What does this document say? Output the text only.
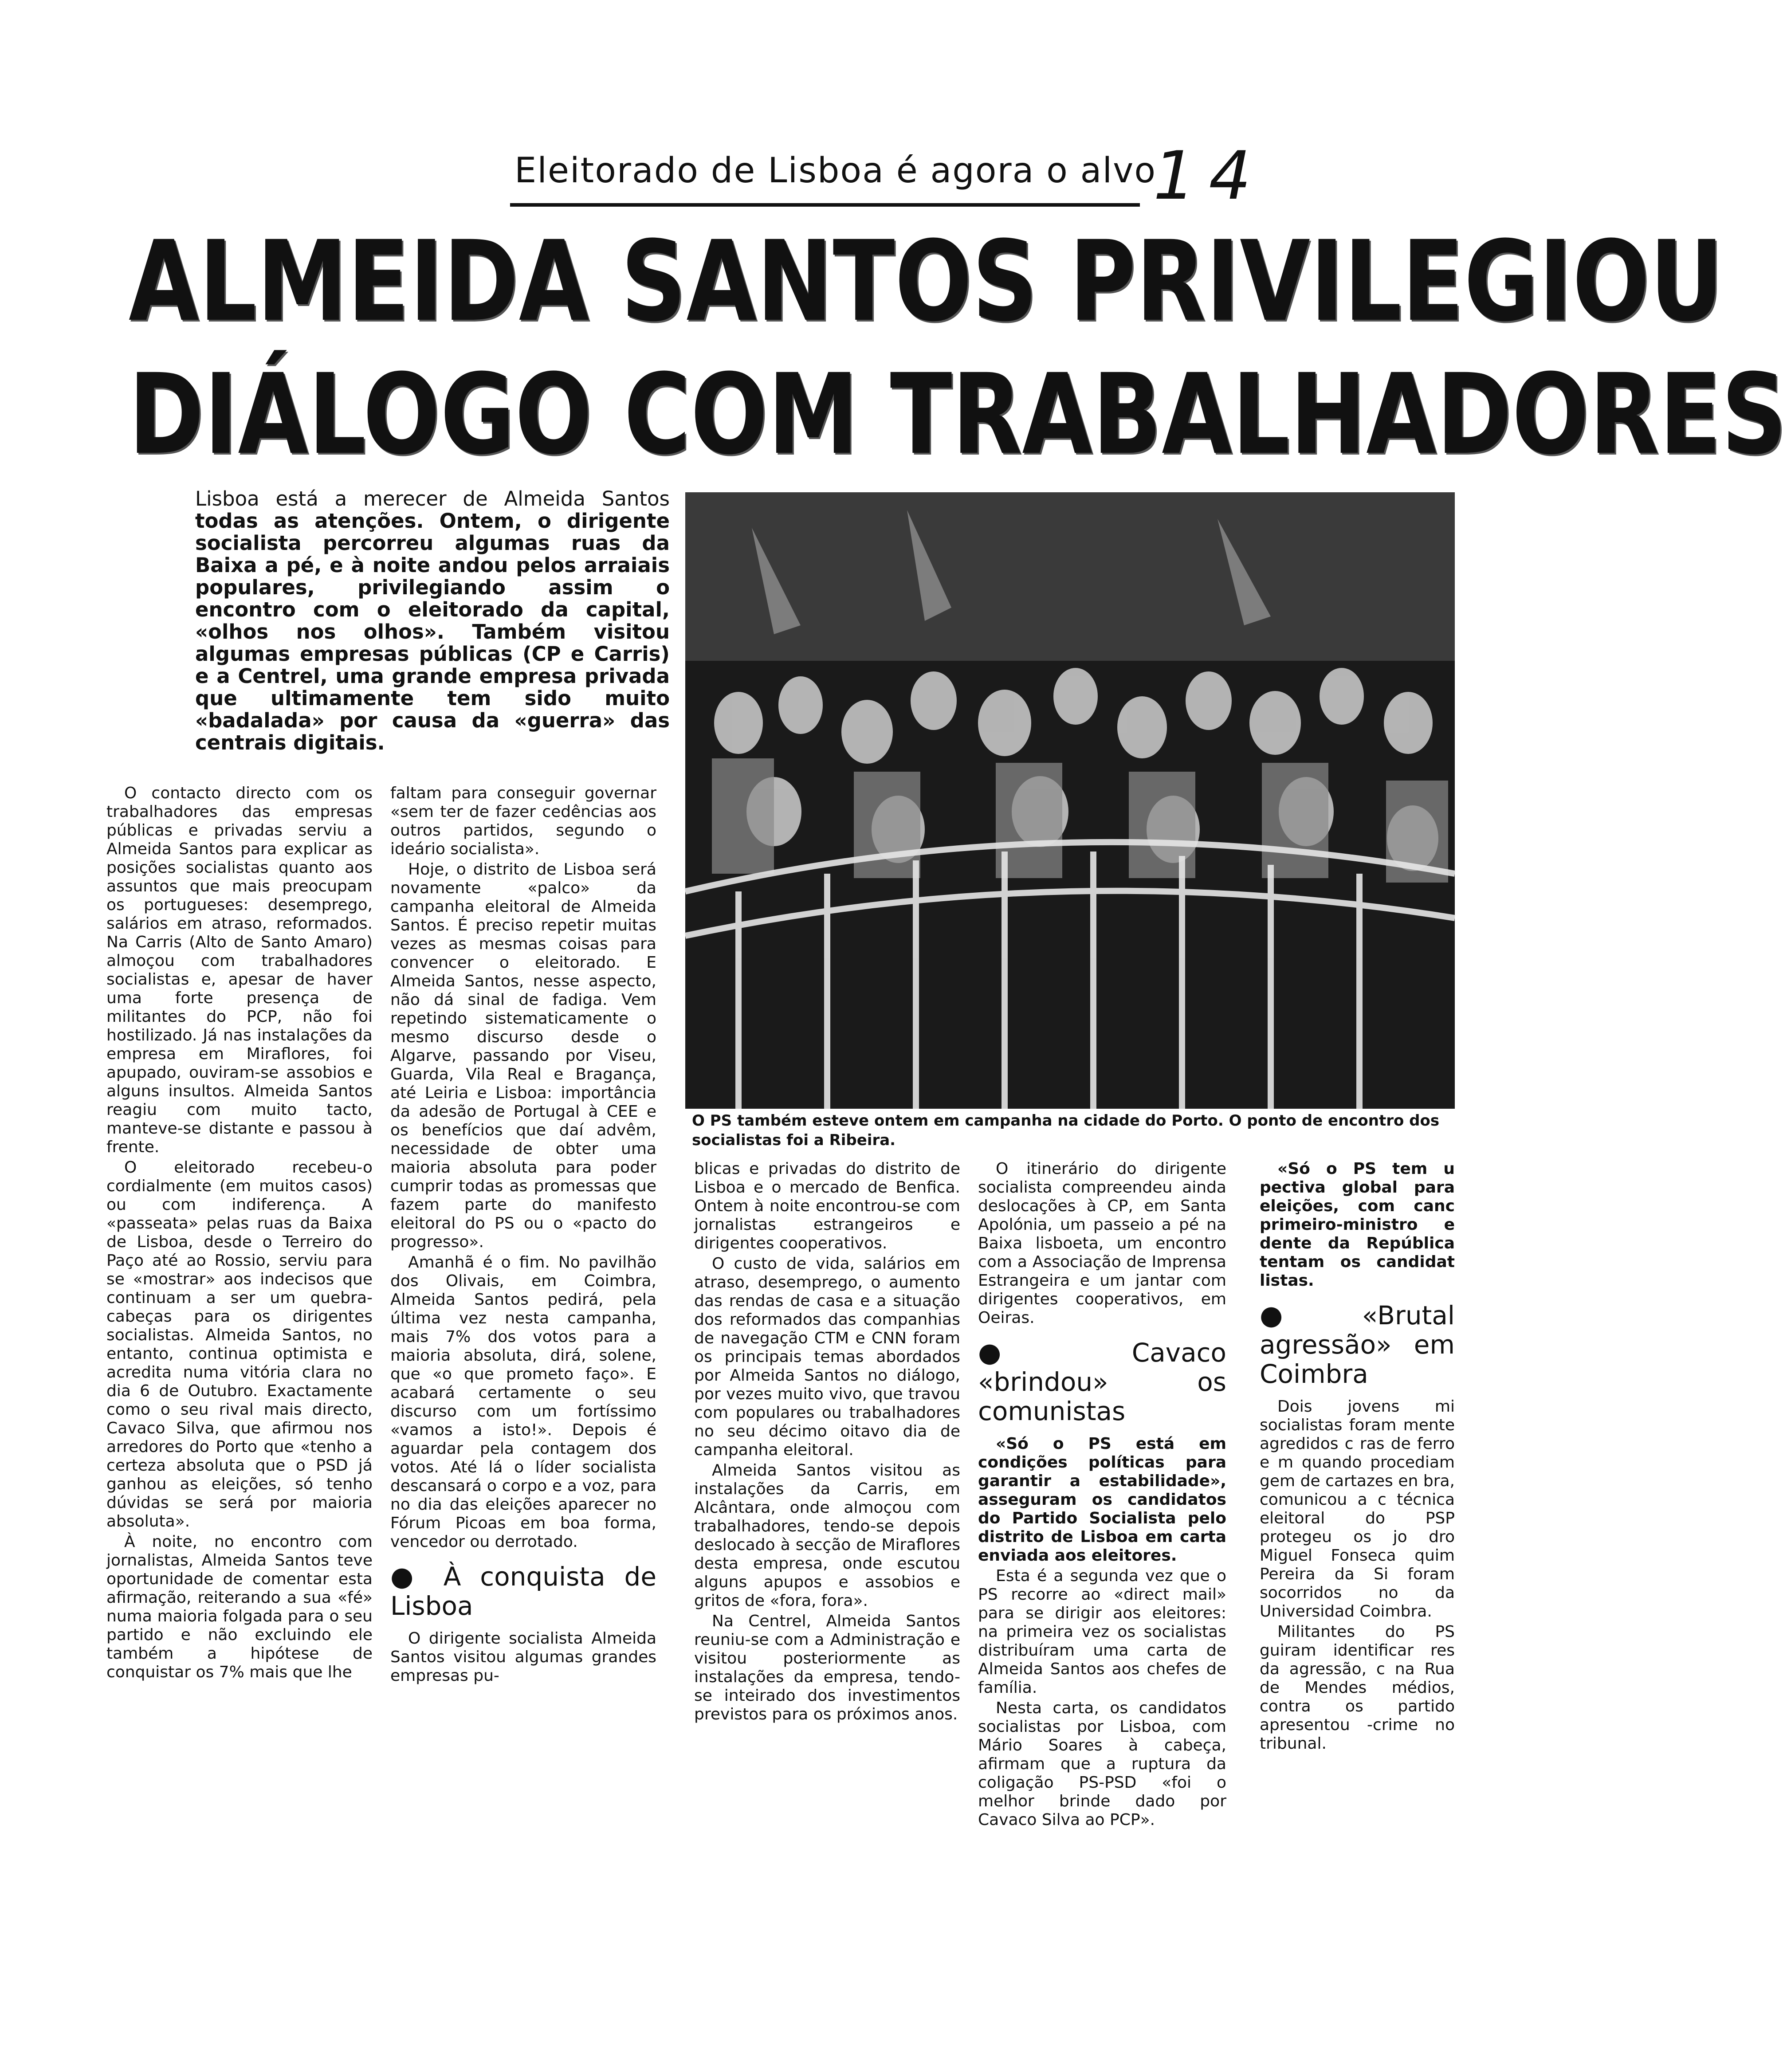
Eleitorado de Lisboa é agora o alvo
14
ALMEIDA SANTOS PRIVILEGIOU
DIÁLOGO COM TRABALHADORES
Lisboa está a merecer de Almeida Santos todas as atenções. Ontem, o dirigente socialista percorreu algumas ruas da Baixa a pé, e à noite andou pelos arraiais populares, privilegiando assim o encontro com o eleitorado da capital, «olhos nos olhos». Também visitou algumas empresas públicas (CP e Carris) e a Centrel, uma grande empresa privada que ultimamente tem sido muito «badalada» por causa da «guerra» das centrais digitais.
O PS também esteve ontem em campanha na cidade do Porto. O ponto de encontro dos socialistas foi a Ribeira.

O contacto directo com os trabalhadores das empresas públicas e privadas serviu a Almeida Santos para explicar as posições socialistas quanto aos assuntos que mais preocupam os portugueses: desemprego, salários em atraso, reformados. Na Carris (Alto de Santo Amaro) almoçou com trabalhadores socialistas e, apesar de haver uma forte presença de militantes do PCP, não foi hostilizado. Já nas instalações da empresa em Miraflores, foi apupado, ouviram-se assobios e alguns insultos. Almeida Santos reagiu com muito tacto, manteve-se distante e passou à frente.

O eleitorado recebeu-o cordialmente (em muitos casos) ou com indiferença. A «passeata» pelas ruas da Baixa de Lisboa, desde o Terreiro do Paço até ao Rossio, serviu para se «mostrar» aos indecisos que continuam a ser um quebra-cabeças para os dirigentes socialistas. Almeida Santos, no entanto, continua optimista e acredita numa vitória clara no dia 6 de Outubro. Exactamente como o seu rival mais directo, Cavaco Silva, que afirmou nos arredores do Porto que «tenho a certeza absoluta que o PSD já ganhou as eleições, só tenho dúvidas se será por maioria absoluta».

À noite, no encontro com jornalistas, Almeida Santos teve oportunidade de comentar esta afirmação, reiterando a sua «fé» numa maioria folgada para o seu partido e não excluindo ele também a hipótese de conquistar os 7% mais que lhe

faltam para conseguir governar «sem ter de fazer cedências aos outros partidos, segundo o ideário socialista».

Hoje, o distrito de Lisboa será novamente «palco» da campanha eleitoral de Almeida Santos. É preciso repetir muitas vezes as mesmas coisas para convencer o eleitorado. E Almeida Santos, nesse aspecto, não dá sinal de fadiga. Vem repetindo sistematicamente o mesmo discurso desde o Algarve, passando por Viseu, Guarda, Vila Real e Bragança, até Leiria e Lisboa: importância da adesão de Portugal à CEE e os benefícios que daí advêm, necessidade de obter uma maioria absoluta para poder cumprir todas as promessas que fazem parte do manifesto eleitoral do PS ou o «pacto do progresso».

Amanhã é o fim. No pavilhão dos Olivais, em Coimbra, Almeida Santos pedirá, pela última vez nesta campanha, mais 7% dos votos para a maioria absoluta, dirá, solene, que «o que prometo faço». E acabará certamente o seu discurso com um fortíssimo «vamos a isto!». Depois é aguardar pela contagem dos votos. Até lá o líder socialista descansará o corpo e a voz, para no dia das eleições aparecer no Fórum Picoas em boa forma, vencedor ou derrotado.

● À conquista de Lisboa

O dirigente socialista Almeida Santos visitou algumas grandes empresas pu-

blicas e privadas do distrito de Lisboa e o mercado de Benfica. Ontem à noite encontrou-se com jornalistas estrangeiros e dirigentes cooperativos.

O custo de vida, salários em atraso, desemprego, o aumento das rendas de casa e a situação dos reformados das companhias de navegação CTM e CNN foram os principais temas abordados por Almeida Santos no diálogo, por vezes muito vivo, que travou com populares ou trabalhadores no seu décimo oitavo dia de campanha eleitoral.

Almeida Santos visitou as instalações da Carris, em Alcântara, onde almoçou com trabalhadores, tendo-se depois deslocado à secção de Miraflores desta empresa, onde escutou alguns apupos e assobios e gritos de «fora, fora».

Na Centrel, Almeida Santos reuniu-se com a Administração e visitou posteriormente as instalações da empresa, tendo-se inteirado dos investimentos previstos para os próximos anos.

O itinerário do dirigente socialista compreendeu ainda deslocações à CP, em Santa Apolónia, um passeio a pé na Baixa lisboeta, um encontro com a Associação de Imprensa Estrangeira e um jantar com dirigentes cooperativos, em Oeiras.

●	Cavaco «brindou» os comunistas

«Só o PS está em condições políticas para garantir a estabilidade», asseguram os candidatos do Partido Socialista pelo distrito de Lisboa em carta enviada aos eleitores.

Esta é a segunda vez que o PS recorre ao «direct mail» para se dirigir aos eleitores: na primeira vez os socialistas distribuíram uma carta de Almeida Santos aos chefes de família.

Nesta carta, os candidatos socialistas por Lisboa, com Mário Soares à cabeça, afirmam que a ruptura da coligação PS-PSD «foi o melhor brinde dado por Cavaco Silva ao PCP».

«Só o PS tem u pectiva global para eleições, com canc primeiro-ministro e dente da República tentam os candidat listas.

● «Brutal agressão» em Coimbra

Dois jovens mi socialistas foram mente agredidos c ras de ferro e m quando procediam gem de cartazes en bra, comunicou a c técnica eleitoral do PSP protegeu os jo dro Miguel Fonseca quim Pereira da Si foram socorridos no da Universidad Coimbra.

Militantes do PS guiram identificar res da agressão, c na Rua de Mendes médios, contra os partido apresentou -crime no tribunal.
